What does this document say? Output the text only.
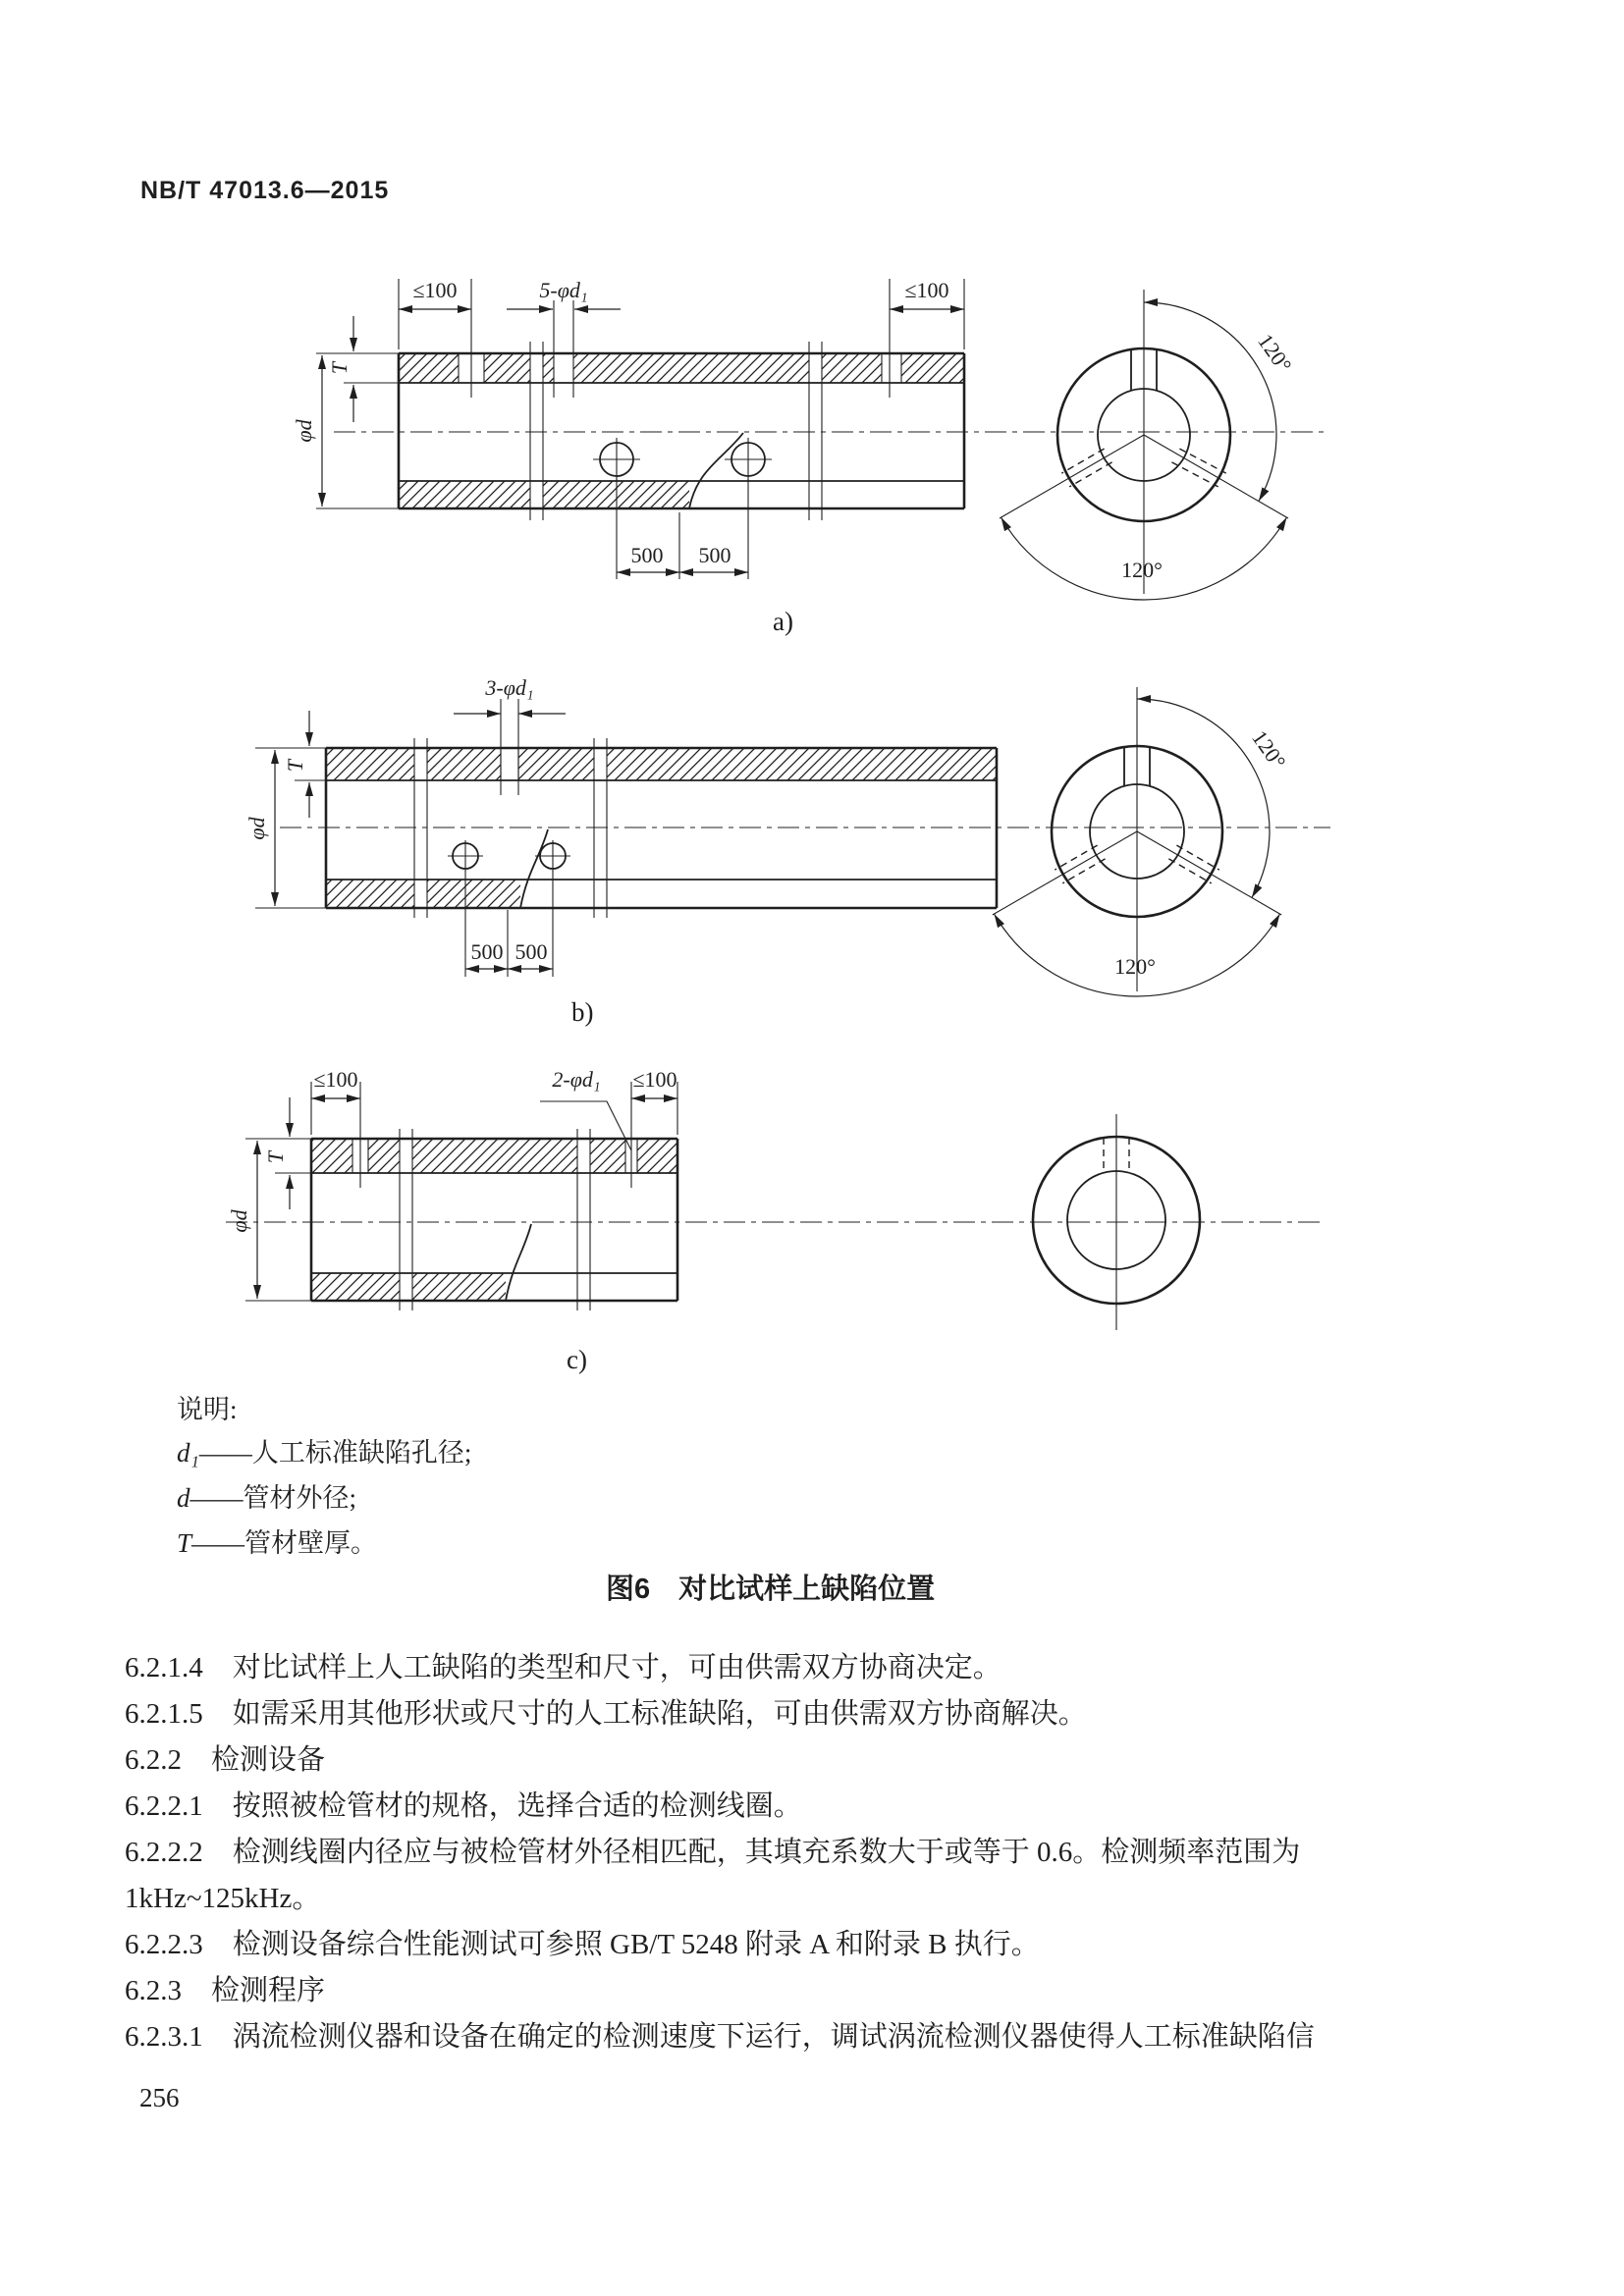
NB/T 47013.6—2015
≤100	5-φd₁	≤100
T
φd
500 500
a)
120°
120°
3-φd₁
T
φd
500 500
b)
120°
120°
≤100	2-φd₁ ≤100
T
φd
c)
说明:
d₁——人工标准缺陷孔径;
d——管材外径;
T——管材壁厚。
图6　对比试样上缺陷位置
6.2.1.4 对比试样上人工缺陷的类型和尺寸，可由供需双方协商决定。
6.2.1.5 如需采用其他形状或尺寸的人工标准缺陷，可由供需双方协商解决。
6.2.2 检测设备
6.2.2.1 按照被检管材的规格，选择合适的检测线圈。
6.2.2.2 检测线圈内径应与被检管材外径相匹配，其填充系数大于或等于 0.6。检测频率范围为
1kHz~125kHz。
6.2.2.3 检测设备综合性能测试可参照 GB/T 5248 附录 A 和附录 B 执行。
6.2.3 检测程序
6.2.3.1 涡流检测仪器和设备在确定的检测速度下运行，调试涡流检测仪器使得人工标准缺陷信
256
